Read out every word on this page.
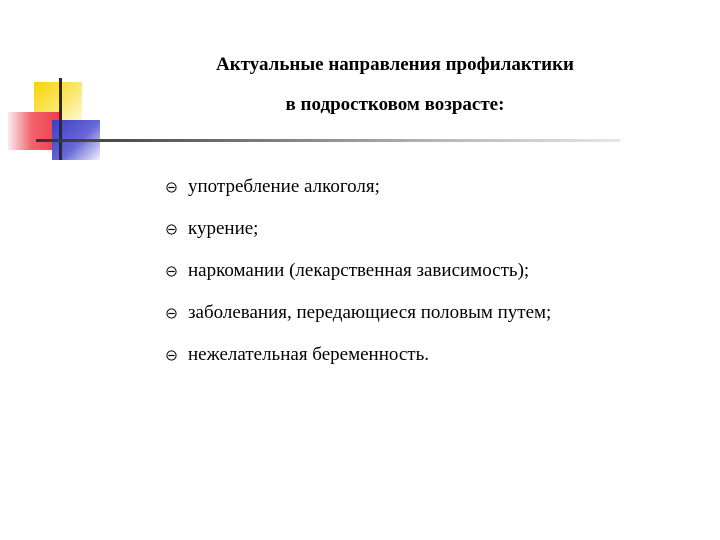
Актуальные направления профилактики
в подростковом возрасте:
употребление алкоголя;
курение;
наркомании (лекарственная зависимость);
заболевания, передающиеся половым путем;
нежелательная беременность.
